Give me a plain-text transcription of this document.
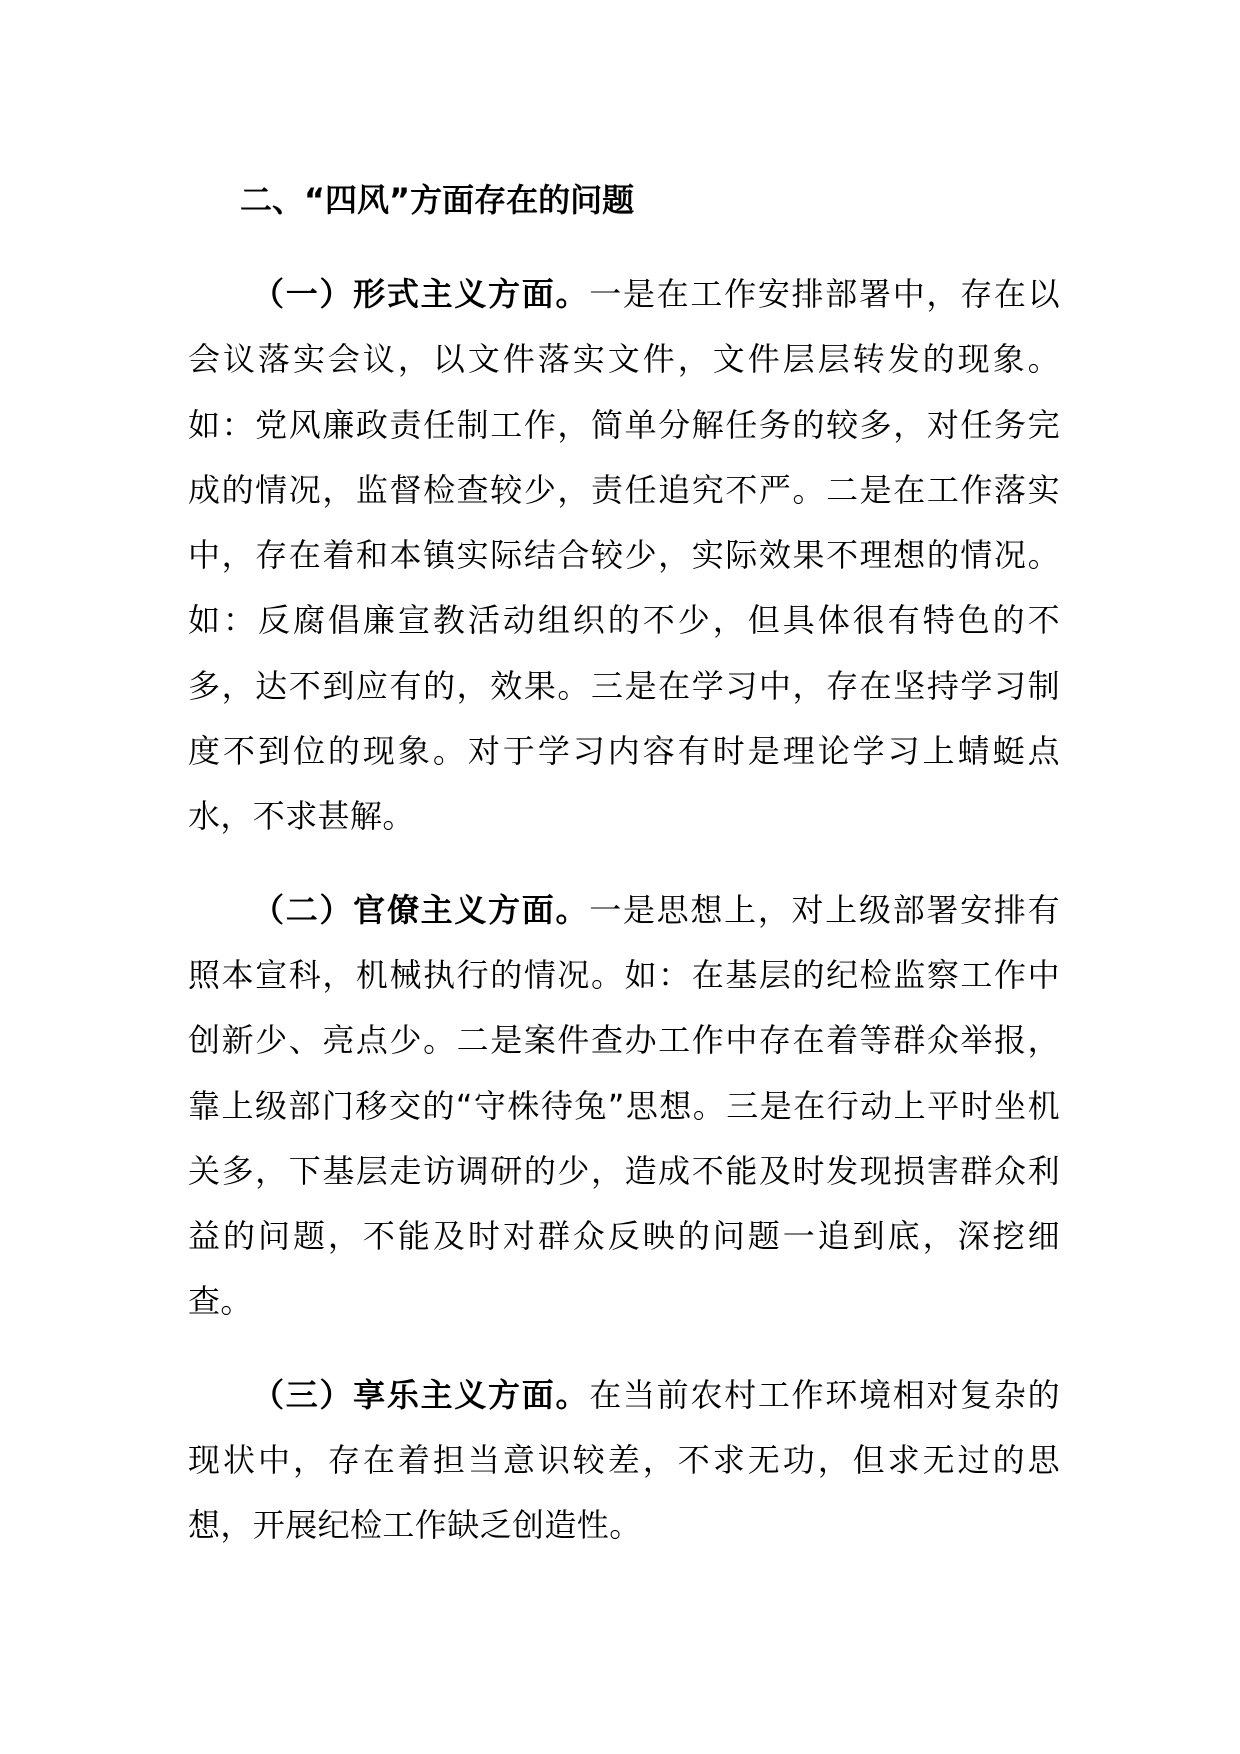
二、“四风”方面存在的问题

（一）形式主义方面。一是在工作安排部署中，存在以会议落实会议，以文件落实文件，文件层层转发的现象。如：党风廉政责任制工作，简单分解任务的较多，对任务完成的情况，监督检查较少，责任追究不严。二是在工作落实中，存在着和本镇实际结合较少，实际效果不理想的情况。如：反腐倡廉宣教活动组织的不少，但具体很有特色的不多，达不到应有的，效果。三是在学习中，存在坚持学习制度不到位的现象。对于学习内容有时是理论学习上蜻蜓点水，不求甚解。

（二）官僚主义方面。一是思想上，对上级部署安排有照本宣科，机械执行的情况。如：在基层的纪检监察工作中创新少、亮点少。二是案件查办工作中存在着等群众举报，靠上级部门移交的“守株待兔”思想。三是在行动上平时坐机关多，下基层走访调研的少，造成不能及时发现损害群众利益的问题，不能及时对群众反映的问题一追到底，深挖细查。

（三）享乐主义方面。在当前农村工作环境相对复杂的现状中，存在着担当意识较差，不求无功，但求无过的思想，开展纪检工作缺乏创造性。
